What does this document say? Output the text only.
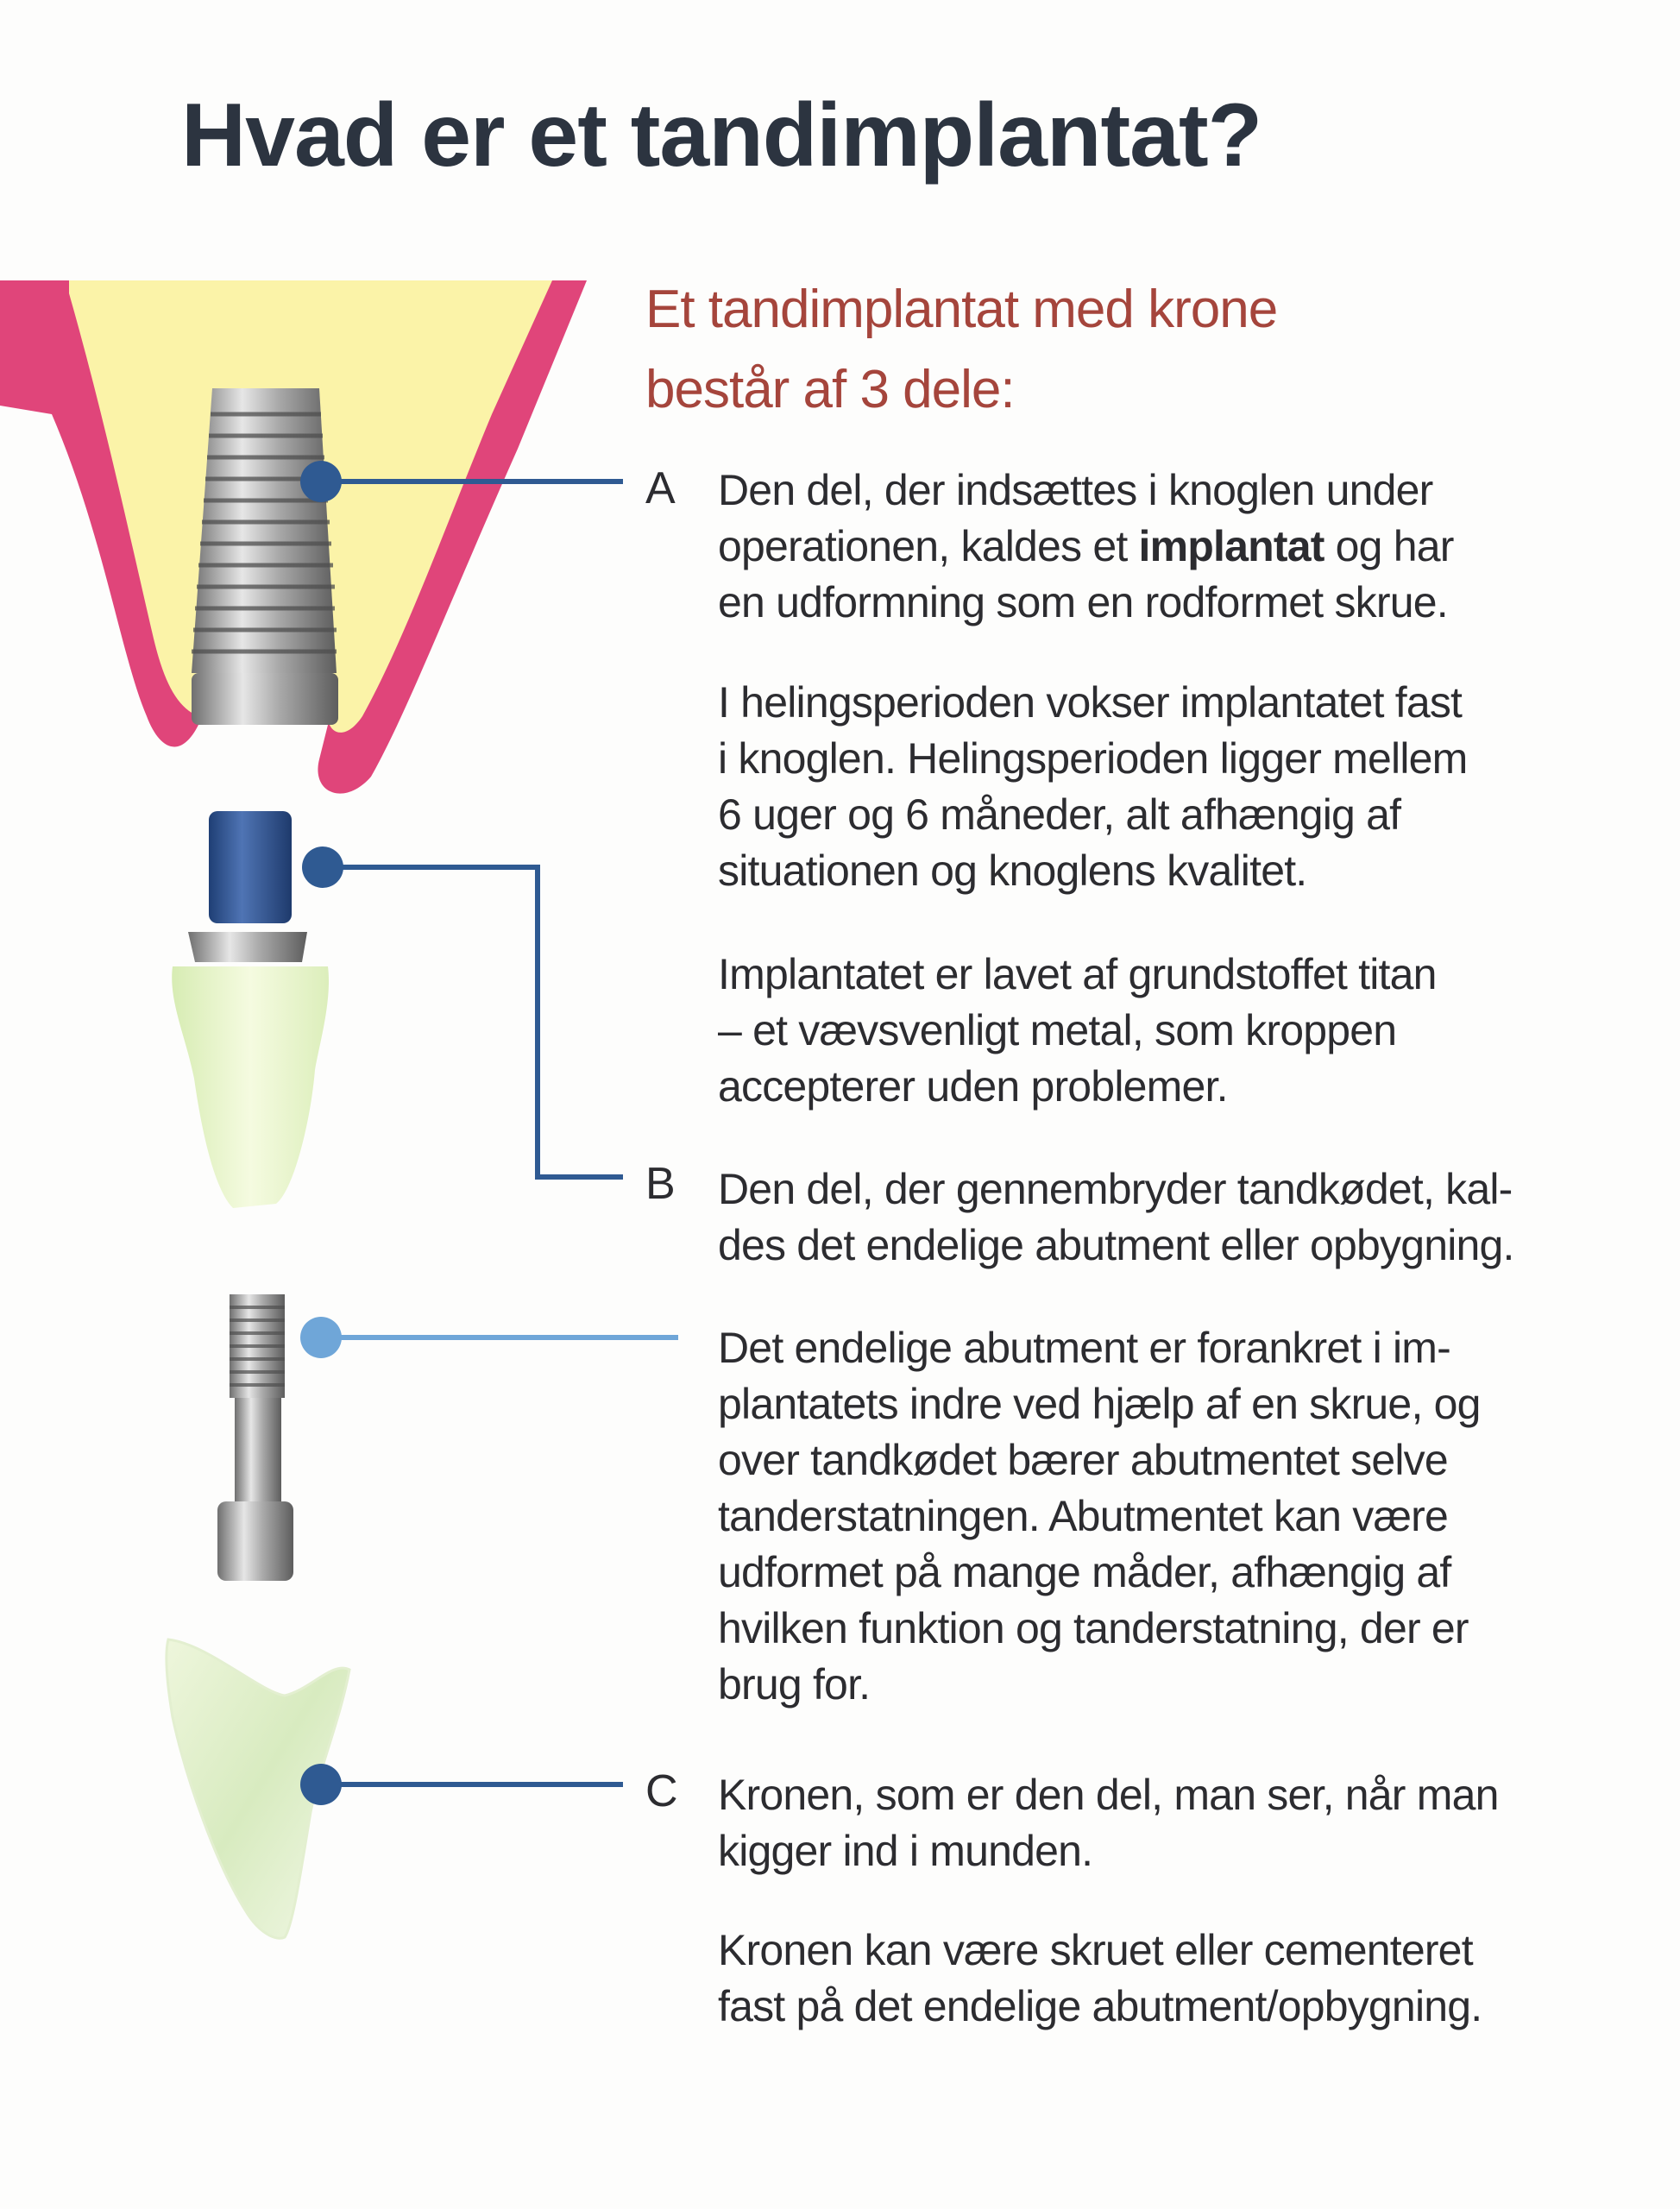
Hvad er et tandimplantat?
Et tandimplantat med krone
består af 3 dele:
A
B
C
Den del, der indsættes i knoglen under
operationen, kaldes et implantat og har
en udformning som en rodformet skrue.
I helingsperioden vokser implantatet fast
i knoglen. Helingsperioden ligger mellem
6 uger og 6 måneder, alt afhængig af
situationen og knoglens kvalitet.
Implantatet er lavet af grundstoffet titan
– et vævsvenligt metal, som kroppen
accepterer uden problemer.
Den del, der gennembryder tandkødet, kal-
des det endelige abutment eller opbygning.
Det endelige abutment er forankret i im-
plantatets indre ved hjælp af en skrue, og
over tandkødet bærer abutmentet selve
tanderstatningen. Abutmentet kan være
udformet på mange måder, afhængig af
hvilken funktion og tanderstatning, der er
brug for.
Kronen, som er den del, man ser, når man
kigger ind i munden.
Kronen kan være skruet eller cementeret
fast på det endelige abutment/opbygning.
